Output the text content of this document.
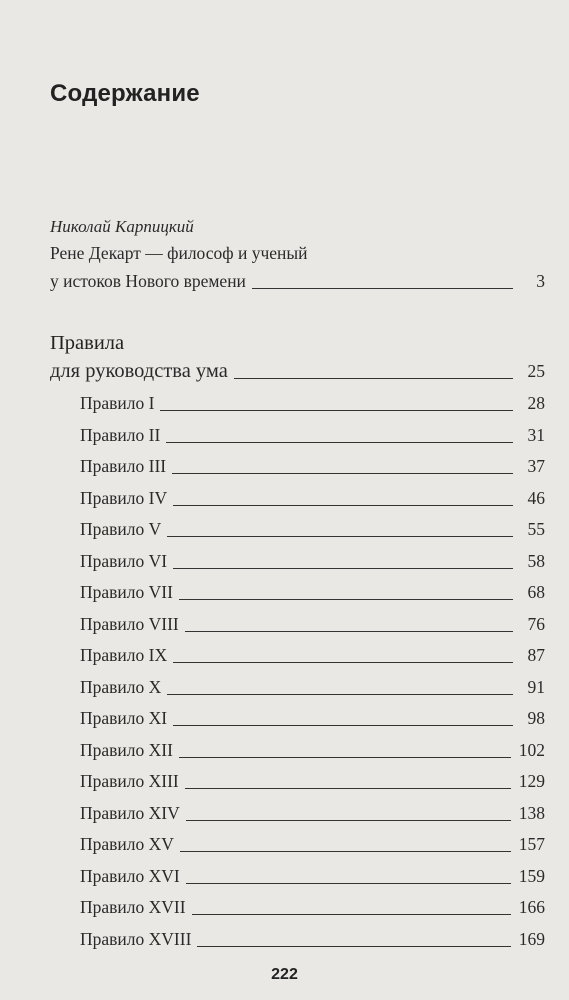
Содержание
Николай Карпицкий
Рене Декарт — философ и ученый
у истоков Нового времени	3
Правила
для руководства ума	25
Правило I	28
Правило II	31
Правило III	37
Правило IV	46
Правило V	55
Правило VI	58
Правило VII	68
Правило VIII	76
Правило IX	87
Правило X	91
Правило XI	98
Правило XII	102
Правило XIII	129
Правило XIV	138
Правило XV	157
Правило XVI	159
Правило XVII	166
Правило XVIII	169
222
